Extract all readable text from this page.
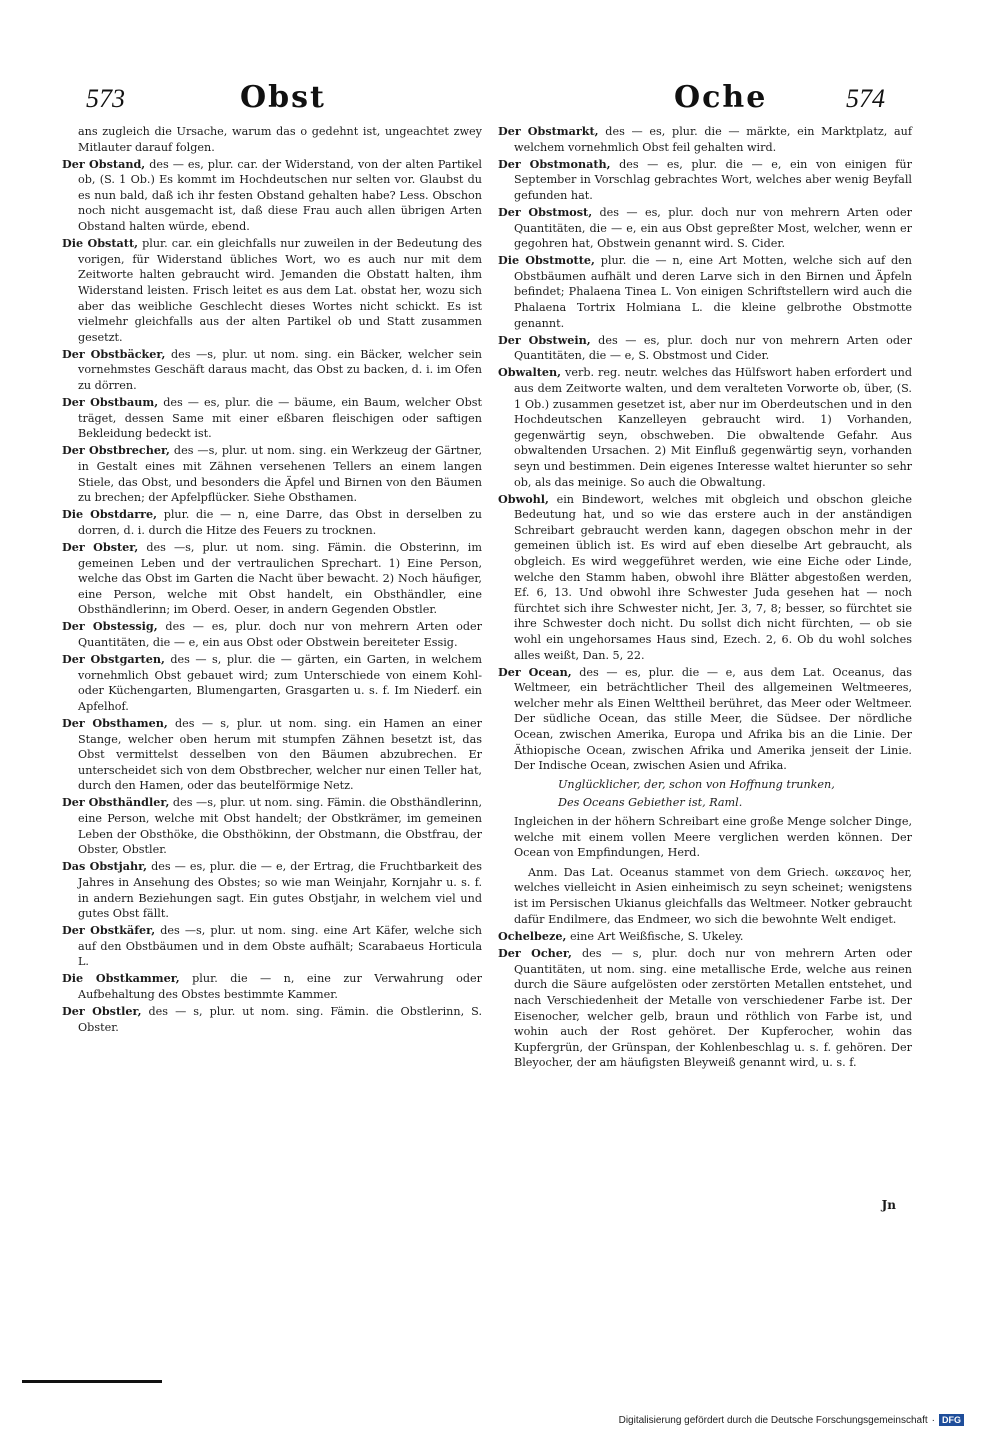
573	Obst	Oche	574

ans zugleich die Ursache, warum das o gedehnt ist, ungeachtet zwey Mitlauter darauf folgen.

Der Obstand, des — es, plur. car. der Widerstand, von der alten Partikel ob, (S. 1 Ob.) Es kommt im Hochdeutschen nur selten vor. Glaubst du es nun bald, daß ich ihr festen Obstand gehalten habe? Less. Obschon noch nicht ausgemacht ist, daß diese Frau auch allen übrigen Arten Obstand halten würde, ebend.

Die Obstatt, plur. car. ein gleichfalls nur zuweilen in der Bedeutung des vorigen, für Widerstand übliches Wort, wo es auch nur mit dem Zeitworte halten gebraucht wird. Jemanden die Obstatt halten, ihm Widerstand leisten. Frisch leitet es aus dem Lat. obstat her, wozu sich aber das weibliche Geschlecht dieses Wortes nicht schickt. Es ist vielmehr gleichfalls aus der alten Partikel ob und Statt zusammen gesetzt.

Der Obstbäcker, des —s, plur. ut nom. sing. ein Bäcker, welcher sein vornehmstes Geschäft daraus macht, das Obst zu backen, d. i. im Ofen zu dörren.

Der Obstbaum, des — es, plur. die — bäume, ein Baum, welcher Obst träget, dessen Same mit einer eßbaren fleischigen oder saftigen Bekleidung bedeckt ist.

Der Obstbrecher, des —s, plur. ut nom. sing. ein Werkzeug der Gärtner, in Gestalt eines mit Zähnen versehenen Tellers an einem langen Stiele, das Obst, und besonders die Äpfel und Birnen von den Bäumen zu brechen; der Apfelpflücker. Siehe Obsthamen.

Die Obstdarre, plur. die — n, eine Darre, das Obst in derselben zu dorren, d. i. durch die Hitze des Feuers zu trocknen.

Der Obster, des —s, plur. ut nom. sing. Fämin. die Obsterinn, im gemeinen Leben und der vertraulichen Sprechart. 1) Eine Person, welche das Obst im Garten die Nacht über bewacht. 2) Noch häufiger, eine Person, welche mit Obst handelt, ein Obsthändler, eine Obsthändlerinn; im Oberd. Oeser, in andern Gegenden Obstler.

Der Obstessig, des — es, plur. doch nur von mehrern Arten oder Quantitäten, die — e, ein aus Obst oder Obstwein bereiteter Essig.

Der Obstgarten, des — s, plur. die — gärten, ein Garten, in welchem vornehmlich Obst gebauet wird; zum Unterschiede von einem Kohl- oder Küchengarten, Blumengarten, Grasgarten u. s. f. Im Niederf. ein Apfelhof.

Der Obsthamen, des — s, plur. ut nom. sing. ein Hamen an einer Stange, welcher oben herum mit stumpfen Zähnen besetzt ist, das Obst vermittelst desselben von den Bäumen abzubrechen. Er unterscheidet sich von dem Obstbrecher, welcher nur einen Teller hat, durch den Hamen, oder das beutelförmige Netz.

Der Obsthändler, des —s, plur. ut nom. sing. Fämin. die Obsthändlerinn, eine Person, welche mit Obst handelt; der Obstkrämer, im gemeinen Leben der Obsthöke, die Obsthökinn, der Obstmann, die Obstfrau, der Obster, Obstler.

Das Obstjahr, des — es, plur. die — e, der Ertrag, die Fruchtbarkeit des Jahres in Ansehung des Obstes; so wie man Weinjahr, Kornjahr u. s. f. in andern Beziehungen sagt. Ein gutes Obstjahr, in welchem viel und gutes Obst fällt.

Der Obstkäfer, des —s, plur. ut nom. sing. eine Art Käfer, welche sich auf den Obstbäumen und in dem Obste aufhält; Scarabaeus Horticula L.

Die Obstkammer, plur. die — n, eine zur Verwahrung oder Aufbehaltung des Obstes bestimmte Kammer.

Der Obstler, des — s, plur. ut nom. sing. Fämin. die Obstlerinn, S. Obster.

Der Obstmarkt, des — es, plur. die — märkte, ein Marktplatz, auf welchem vornehmlich Obst feil gehalten wird.

Der Obstmonath, des — es, plur. die — e, ein von einigen für September in Vorschlag gebrachtes Wort, welches aber wenig Beyfall gefunden hat.

Der Obstmost, des — es, plur. doch nur von mehrern Arten oder Quantitäten, die — e, ein aus Obst gepreßter Most, welcher, wenn er gegohren hat, Obstwein genannt wird. S. Cider.

Die Obstmotte, plur. die — n, eine Art Motten, welche sich auf den Obstbäumen aufhält und deren Larve sich in den Birnen und Äpfeln befindet; Phalaena Tinea L. Von einigen Schriftstellern wird auch die Phalaena Tortrix Holmiana L. die kleine gelbrothe Obstmotte genannt.

Der Obstwein, des — es, plur. doch nur von mehrern Arten oder Quantitäten, die — e, S. Obstmost und Cider.

Obwalten, verb. reg. neutr. welches das Hülfswort haben erfordert und aus dem Zeitworte walten, und dem veralteten Vorworte ob, über, (S. 1 Ob.) zusammen gesetzet ist, aber nur im Oberdeutschen und in den Hochdeutschen Kanzelleyen gebraucht wird. 1) Vorhanden, gegenwärtig seyn, obschweben. Die obwaltende Gefahr. Aus obwaltenden Ursachen. 2) Mit Einfluß gegenwärtig seyn, vorhanden seyn und bestimmen. Dein eigenes Interesse waltet hierunter so sehr ob, als das meinige. So auch die Obwaltung.

Obwohl, ein Bindewort, welches mit obgleich und obschon gleiche Bedeutung hat, und so wie das erstere auch in der anständigen Schreibart gebraucht werden kann, dagegen obschon mehr in der gemeinen üblich ist. Es wird auf eben dieselbe Art gebraucht, als obgleich. Es wird weggeführet werden, wie eine Eiche oder Linde, welche den Stamm haben, obwohl ihre Blätter abgestoßen werden, Ef. 6, 13. Und obwohl ihre Schwester Juda gesehen hat — noch fürchtet sich ihre Schwester nicht, Jer. 3, 7, 8; besser, so fürchtet sie ihre Schwester doch nicht. Du sollst dich nicht fürchten, — ob sie wohl ein ungehorsames Haus sind, Ezech. 2, 6. Ob du wohl solches alles weißt, Dan. 5, 22.

Der Ocean, des — es, plur. die — e, aus dem Lat. Oceanus, das Weltmeer, ein beträchtlicher Theil des allgemeinen Weltmeeres, welcher mehr als Einen Welttheil berühret, das Meer oder Weltmeer. Der südliche Ocean, das stille Meer, die Südsee. Der nördliche Ocean, zwischen Amerika, Europa und Afrika bis an die Linie. Der Äthiopische Ocean, zwischen Afrika und Amerika jenseit der Linie. Der Indische Ocean, zwischen Asien und Afrika.

Unglücklicher, der, schon von Hoffnung trunken,
Des Oceans Gebiether ist, Raml.

Ingleichen in der höhern Schreibart eine große Menge solcher Dinge, welche mit einem vollen Meere verglichen werden können. Der Ocean von Empfindungen, Herd.

Anm. Das Lat. Oceanus stammet von dem Griech. ωκεανος her, welches vielleicht in Asien einheimisch zu seyn scheinet; wenigstens ist im Persischen Ukianus gleichfalls das Weltmeer. Notker gebraucht dafür Endilmere, das Endmeer, wo sich die bewohnte Welt endiget.

Ochelbeze, eine Art Weißfische, S. Ukeley.

Der Ocher, des — s, plur. doch nur von mehrern Arten oder Quantitäten, ut nom. sing. eine metallische Erde, welche aus reinen durch die Säure aufgelösten oder zerstörten Metallen entstehet, und nach Verschiedenheit der Metalle von verschiedener Farbe ist. Der Eisenocher, welcher gelb, braun und röthlich von Farbe ist, und wohin auch der Rost gehöret. Der Kupferocher, wohin das Kupfergrün, der Grünspan, der Kohlenbeschlag u. s. f. gehören. Der Bleyocher, der am häufigsten Bleyweiß genannt wird, u. s. f.

Jn
Digitalisierung gefördert durch die Deutsche Forschungsgemeinschaft · DFG
